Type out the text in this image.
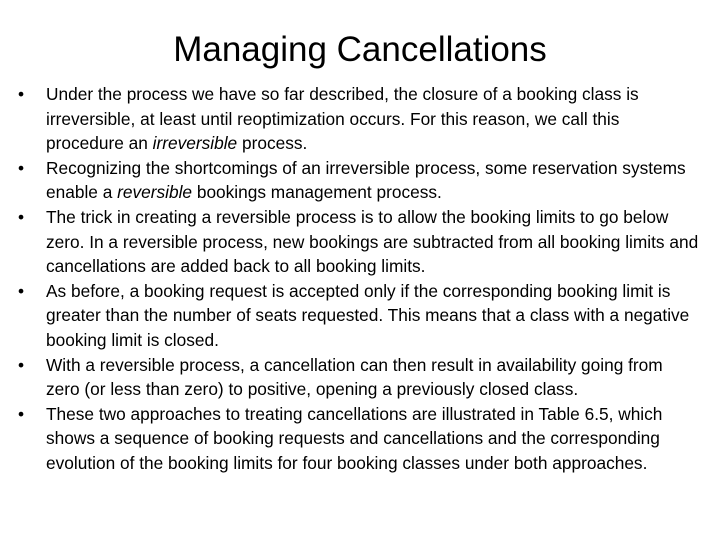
Managing Cancellations
•	Under the process we have so far described, the closure of a booking class is irreversible, at least until reoptimization occurs. For this reason, we call this procedure an irreversible process.
•	Recognizing the shortcomings of an irreversible process, some reservation systems enable a reversible bookings management process.
•	The trick in creating a reversible process is to allow the booking limits to go below zero. In a reversible process, new bookings are subtracted from all booking limits and cancellations are added back to all booking limits.
•	As before, a booking request is accepted only if the corresponding booking limit is greater than the number of seats requested. This means that a class with a negative booking limit is closed.
•	With a reversible process, a cancellation can then result in availability going from zero (or less than zero) to positive, opening a previously closed class.
•	These two approaches to treating cancellations are illustrated in Table 6.5, which shows a sequence of booking requests and cancellations and the corresponding evolution of the booking limits for four booking classes under both approaches.
